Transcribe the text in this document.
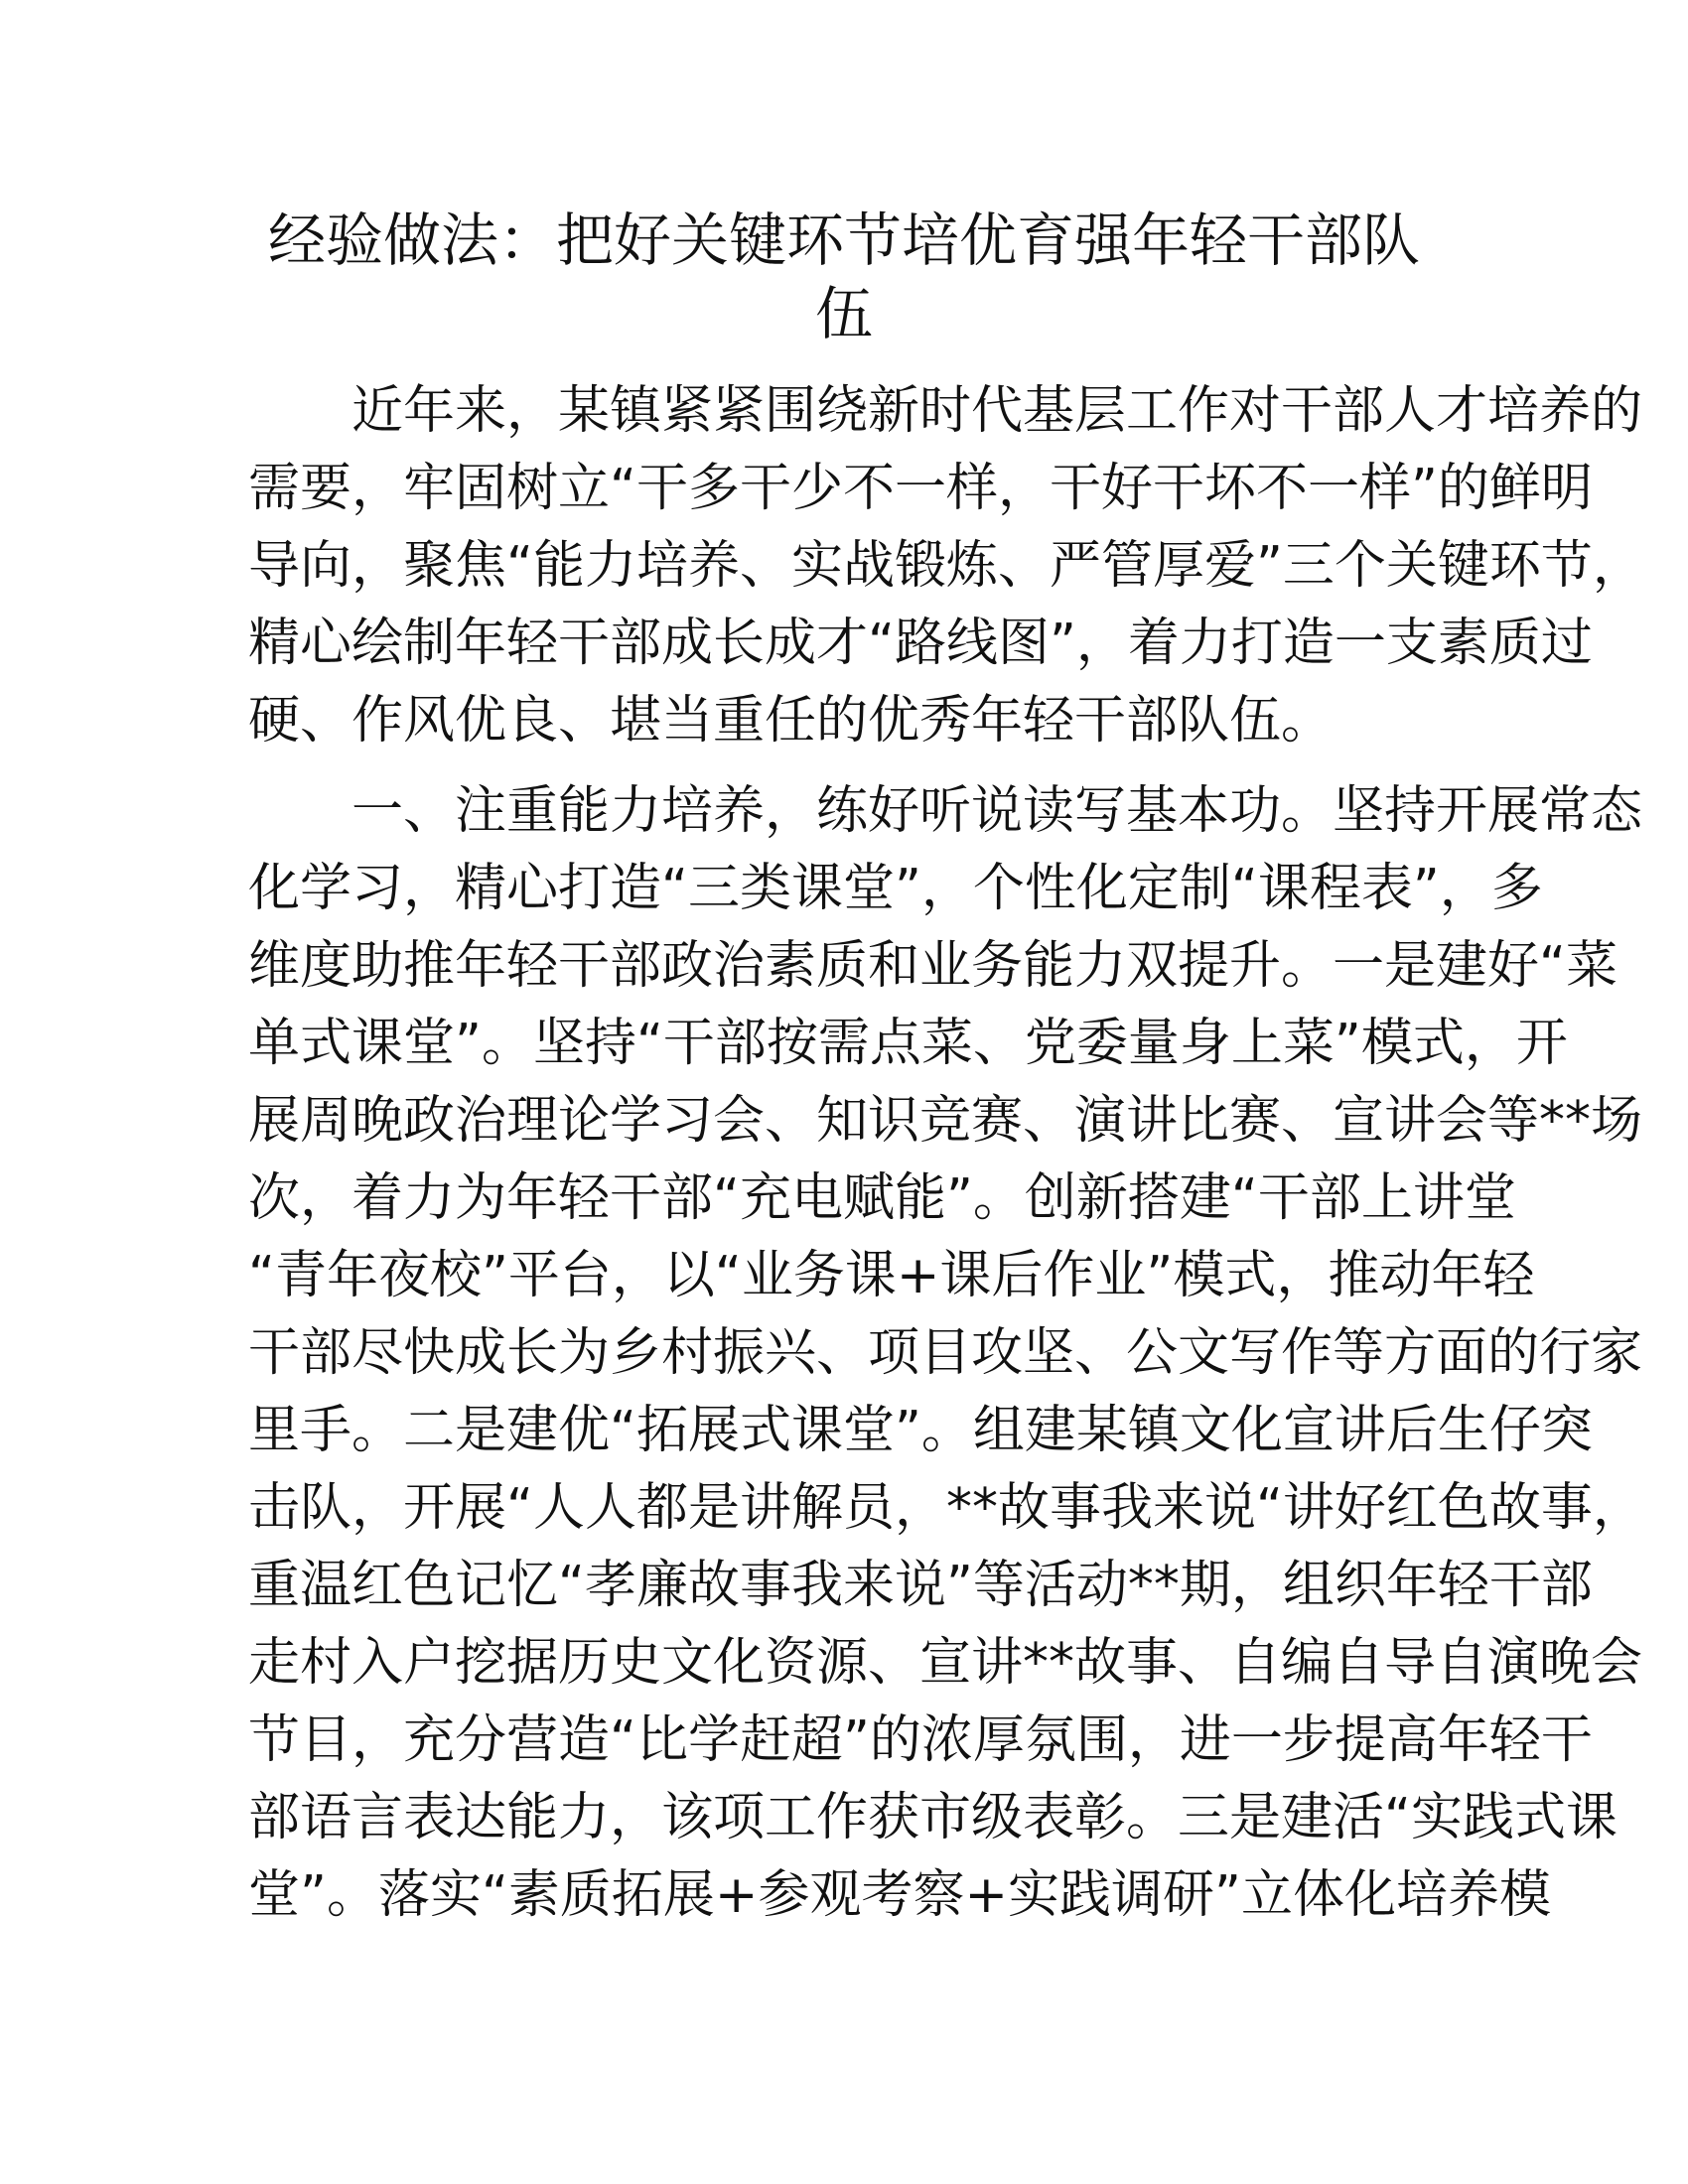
经验做法：把好关键环节培优育强年轻干部队
伍
近年来，某镇紧紧围绕新时代基层工作对干部人才培养的
需要，牢固树立“干多干少不一样，干好干坏不一样”的鲜明
导向，聚焦“能力培养、实战锻炼、严管厚爱”三个关键环节，
精心绘制年轻干部成长成才“路线图”，着力打造一支素质过
硬、作风优良、堪当重任的优秀年轻干部队伍。
一、注重能力培养，练好听说读写基本功。坚持开展常态
化学习，精心打造“三类课堂”，个性化定制“课程表”，多
维度助推年轻干部政治素质和业务能力双提升。一是建好“菜
单式课堂”。坚持“干部按需点菜、党委量身上菜”模式，开
展周晚政治理论学习会、知识竞赛、演讲比赛、宣讲会等**场
次，着力为年轻干部“充电赋能”。创新搭建“干部上讲堂
“青年夜校”平台，以“业务课+课后作业”模式，推动年轻
干部尽快成长为乡村振兴、项目攻坚、公文写作等方面的行家
里手。二是建优“拓展式课堂”。组建某镇文化宣讲后生仔突
击队，开展“人人都是讲解员，**故事我来说“讲好红色故事，
重温红色记忆“孝廉故事我来说”等活动**期，组织年轻干部
走村入户挖据历史文化资源、宣讲**故事、自编自导自演晚会
节目，充分营造“比学赶超”的浓厚氛围，进一步提高年轻干
部语言表达能力，该项工作获市级表彰。三是建活“实践式课
堂”。落实“素质拓展+参观考察+实践调研”立体化培养模
